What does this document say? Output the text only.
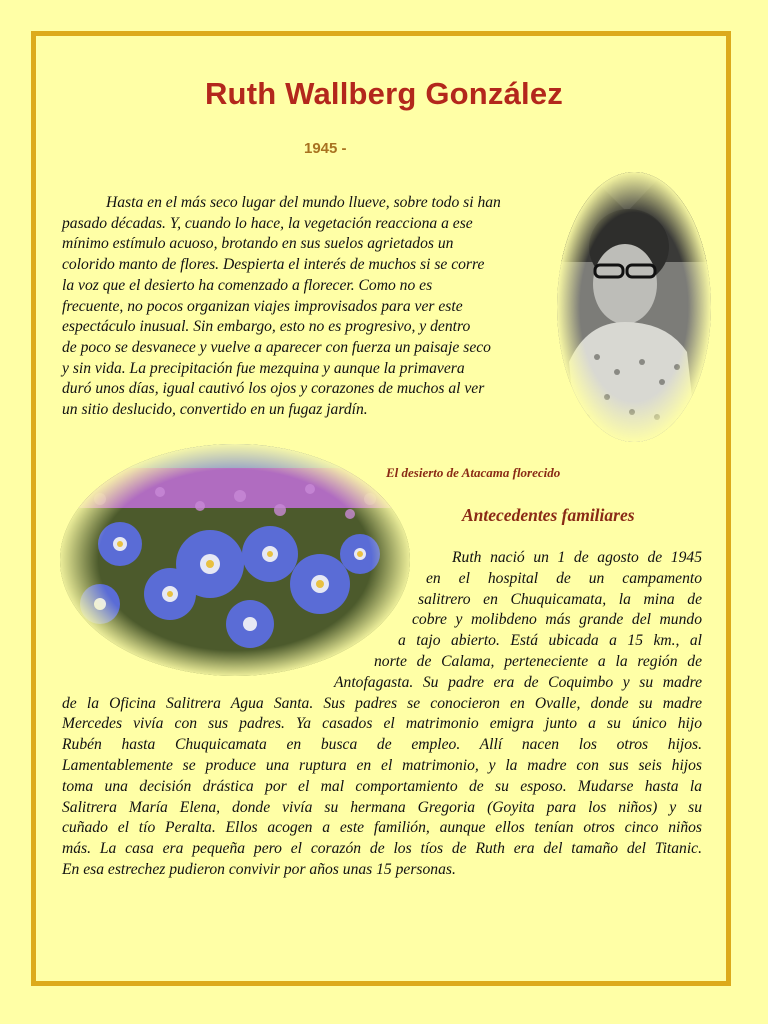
Ruth Wallberg González
1945 -
Hasta en el más seco lugar del mundo llueve, sobre todo si han
pasado décadas. Y, cuando lo hace, la vegetación reacciona a ese
mínimo estímulo acuoso, brotando en sus suelos agrietados un
colorido manto de flores. Despierta el interés de muchos si se corre
la voz que el desierto ha comenzado a florecer. Como no es
frecuente, no pocos organizan viajes improvisados para ver este
espectáculo inusual. Sin embargo, esto no es progresivo, y dentro
de poco se desvanece y vuelve a aparecer con fuerza un paisaje seco
y sin vida. La precipitación fue mezquina y aunque la primavera
duró unos días, igual cautivó los ojos y corazones de muchos al ver
un sitio deslucido, convertido en un fugaz jardín.
El desierto de Atacama florecido
Antecedentes familiares
Ruth nació un 1 de agosto de 1945
en el hospital de un campamento
salitrero en Chuquicamata, la mina de
cobre y molibdeno más grande del mundo
a tajo abierto. Está ubicada a 15 km., al
norte de Calama, perteneciente a la región de
Antofagasta. Su padre era de Coquimbo y su madre
de la Oficina Salitrera Agua Santa. Sus padres se conocieron en Ovalle, donde su madre
Mercedes vivía con sus padres. Ya casados el matrimonio emigra junto a su único hijo
Rubén hasta Chuquicamata en busca de empleo. Allí nacen los otros hijos.
Lamentablemente se produce una ruptura en el matrimonio, y la madre con sus seis hijos
toma una decisión drástica por el mal comportamiento de su esposo. Mudarse hasta la
Salitrera María Elena, donde vivía su hermana Gregoria (Goyita para los niños) y su
cuñado el tío Peralta. Ellos acogen a este familión, aunque ellos tenían otros cinco niños
más. La casa era pequeña pero el corazón de los tíos de Ruth era del tamaño del Titanic.
En esa estrechez pudieron convivir por años unas 15 personas.
